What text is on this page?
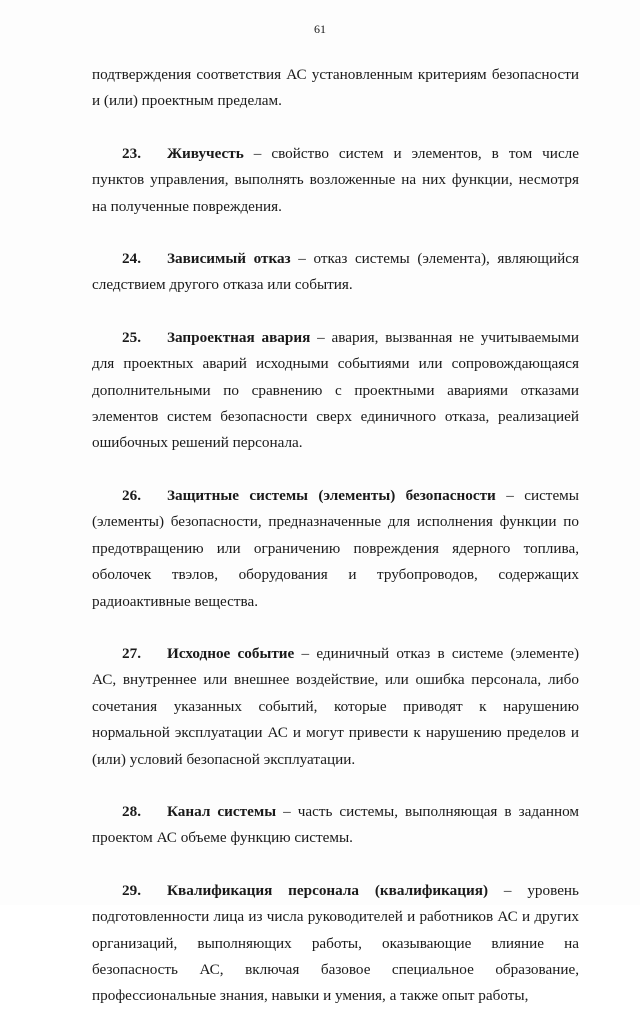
61

подтверждения соответствия АС установленным критериям безопасности и (или) проектным пределам.

23. Живучесть – свойство систем и элементов, в том числе пунктов управления, выполнять возложенные на них функции, несмотря на полученные повреждения.

24. Зависимый отказ – отказ системы (элемента), являющийся следствием другого отказа или события.

25. Запроектная авария – авария, вызванная не учитываемыми для проектных аварий исходными событиями или сопровождающаяся дополнительными по сравнению с проектными авариями отказами элементов систем безопасности сверх единичного отказа, реализацией ошибочных решений персонала.

26. Защитные системы (элементы) безопасности – системы (элементы) безопасности, предназначенные для исполнения функции по предотвращению или ограничению повреждения ядерного топлива, оболочек твэлов, оборудования и трубопроводов, содержащих радиоактивные вещества.

27. Исходное событие – единичный отказ в системе (элементе) АС, внутреннее или внешнее воздействие, или ошибка персонала, либо сочетания указанных событий, которые приводят к нарушению нормальной эксплуатации АС и могут привести к нарушению пределов и (или) условий безопасной эксплуатации.

28. Канал системы – часть системы, выполняющая в заданном проектом АС объеме функцию системы.

29. Квалификация персонала (квалификация) – уровень подготовленности лица из числа руководителей и работников АС и других организаций, выполняющих работы, оказывающие влияние на безопасность АС, включая базовое специальное образование, профессиональные знания, навыки и умения, а также опыт работы,
